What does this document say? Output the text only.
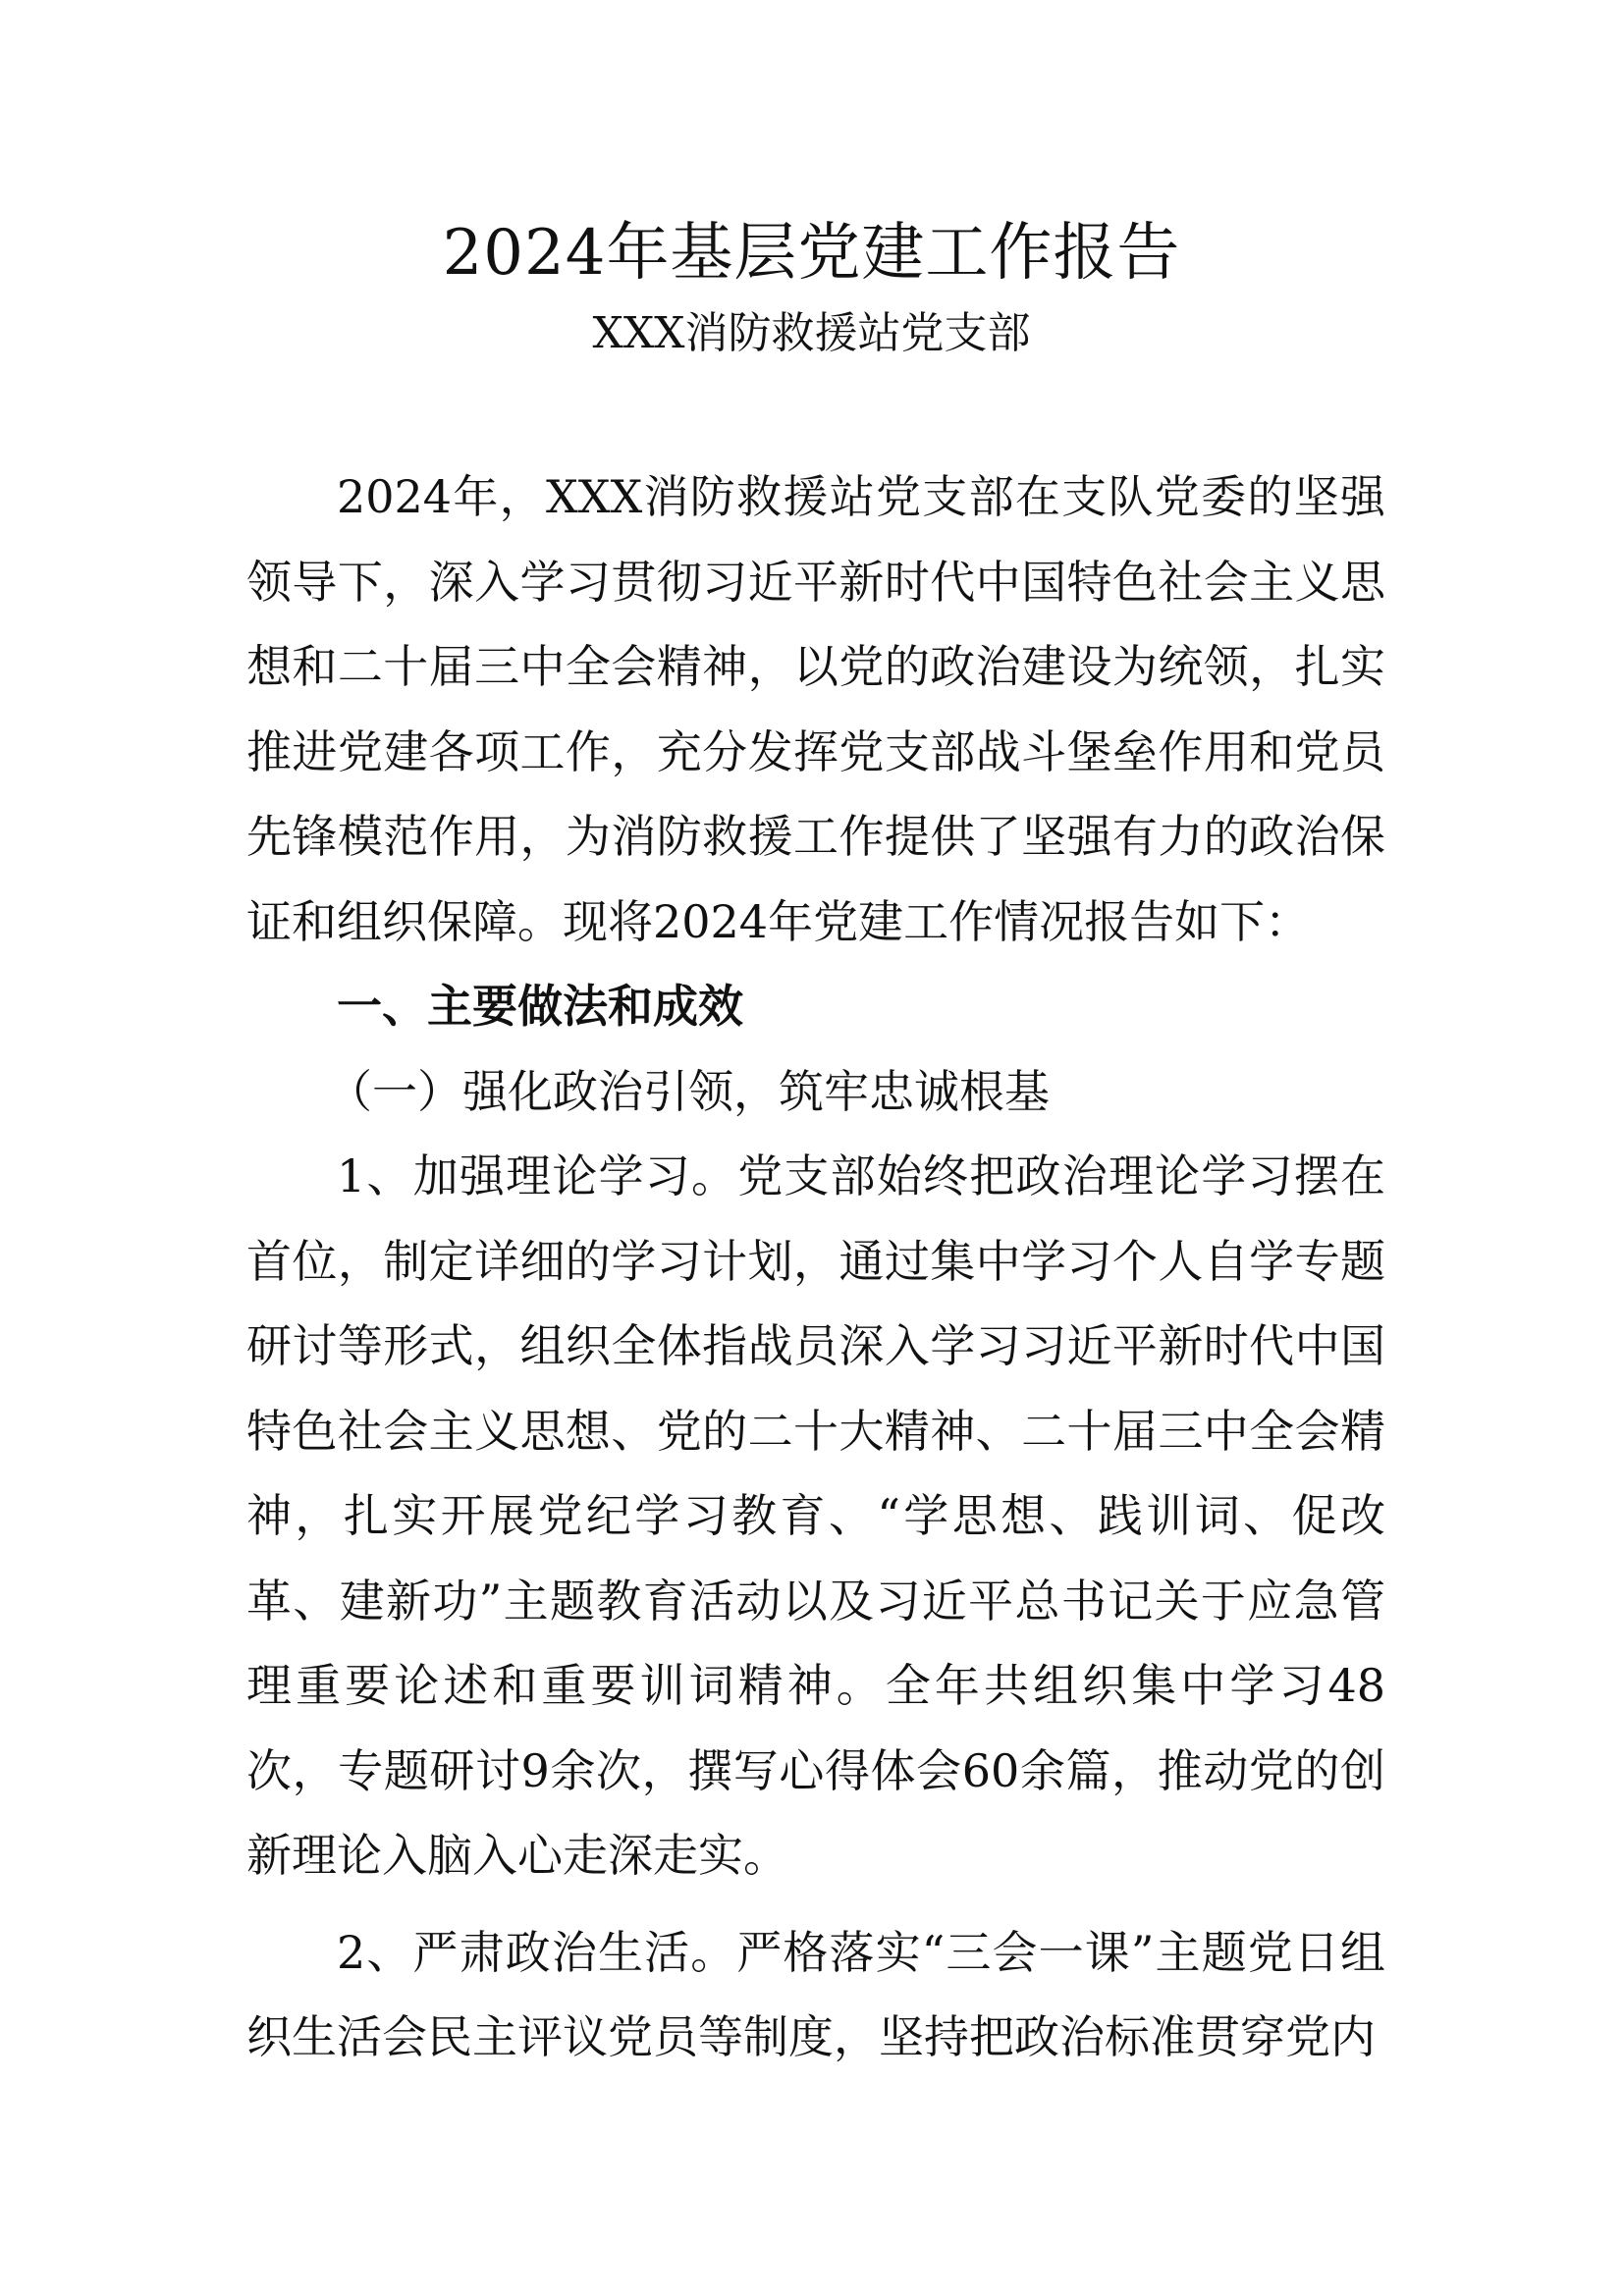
2024年基层党建工作报告
XXX消防救援站党支部

2024年，XXX消防救援站党支部在支队党委的坚强领导下，深入学习贯彻习近平新时代中国特色社会主义思想和二十届三中全会精神，以党的政治建设为统领，扎实推进党建各项工作，充分发挥党支部战斗堡垒作用和党员先锋模范作用，为消防救援工作提供了坚强有力的政治保证和组织保障。现将2024年党建工作情况报告如下：

一、主要做法和成效

（一）强化政治引领，筑牢忠诚根基

1、加强理论学习。党支部始终把政治理论学习摆在首位，制定详细的学习计划，通过集中学习个人自学专题研讨等形式，组织全体指战员深入学习习近平新时代中国特色社会主义思想、党的二十大精神、二十届三中全会精神，扎实开展党纪学习教育、“学思想、践训词、促改革、建新功”主题教育活动以及习近平总书记关于应急管理重要论述和重要训词精神。全年共组织集中学习48次，专题研讨9余次，撰写心得体会60余篇，推动党的创新理论入脑入心走深走实。

2、严肃政治生活。严格落实“三会一课”主题党日组织生活会民主评议党员等制度，坚持把政治标准贯穿党内
